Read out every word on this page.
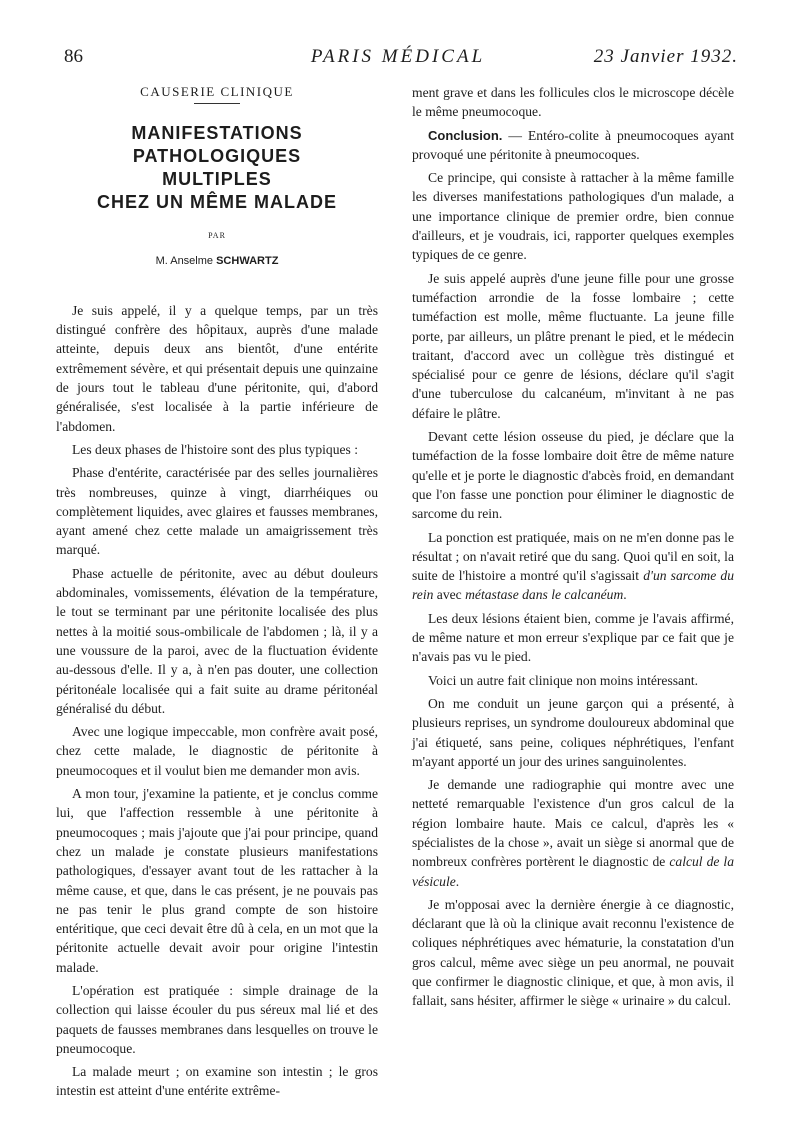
86	PARIS MÉDICAL	23 Janvier 1932.
CAUSERIE CLINIQUE
MANIFESTATIONS
PATHOLOGIQUES
MULTIPLES
CHEZ UN MÊME MALADE
PAR
M. Anselme SCHWARTZ

Je suis appelé, il y a quelque temps, par un très distingué confrère des hôpitaux, auprès d'une malade atteinte, depuis deux ans bientôt, d'une entérite extrêmement sévère, et qui présentait depuis une quinzaine de jours tout le tableau d'une péritonite, qui, d'abord généralisée, s'est localisée à la partie inférieure de l'abdomen.

Les deux phases de l'histoire sont des plus typiques :

Phase d'entérite, caractérisée par des selles journalières très nombreuses, quinze à vingt, diarrhéiques ou complètement liquides, avec glaires et fausses membranes, ayant amené chez cette malade un amaigrissement très marqué.

Phase actuelle de péritonite, avec au début douleurs abdominales, vomissements, élévation de la température, le tout se terminant par une péritonite localisée des plus nettes à la moitié sous-ombilicale de l'abdomen ; là, il y a une voussure de la paroi, avec de la fluctuation évidente au-dessous d'elle. Il y a, à n'en pas douter, une collection péritonéale localisée qui a fait suite au drame péritonéal généralisé du début.

Avec une logique impeccable, mon confrère avait posé, chez cette malade, le diagnostic de péritonite à pneumocoques et il voulut bien me demander mon avis.

A mon tour, j'examine la patiente, et je conclus comme lui, que l'affection ressemble à une péritonite à pneumocoques ; mais j'ajoute que j'ai pour principe, quand chez un malade je constate plusieurs manifestations pathologiques, d'essayer avant tout de les rattacher à la même cause, et que, dans le cas présent, je ne pouvais pas ne pas tenir le plus grand compte de son histoire entéritique, que ceci devait être dû à cela, en un mot que la péritonite actuelle devait avoir pour origine l'intestin malade.

L'opération est pratiquée : simple drainage de la collection qui laisse écouler du pus séreux mal lié et des paquets de fausses membranes dans lesquelles on trouve le pneumocoque.

La malade meurt ; on examine son intestin ; le gros intestin est atteint d'une entérite extrême-

ment grave et dans les follicules clos le microscope décèle le même pneumocoque.

Conclusion. — Entéro-colite à pneumocoques ayant provoqué une péritonite à pneumocoques.

Ce principe, qui consiste à rattacher à la même famille les diverses manifestations pathologiques d'un malade, a une importance clinique de premier ordre, bien connue d'ailleurs, et je voudrais, ici, rapporter quelques exemples typiques de ce genre.

Je suis appelé auprès d'une jeune fille pour une grosse tuméfaction arrondie de la fosse lombaire ; cette tuméfaction est molle, même fluctuante. La jeune fille porte, par ailleurs, un plâtre prenant le pied, et le médecin traitant, d'accord avec un collègue très distingué et spécialisé pour ce genre de lésions, déclare qu'il s'agit d'une tuberculose du calcanéum, m'invitant à ne pas défaire le plâtre.

Devant cette lésion osseuse du pied, je déclare que la tuméfaction de la fosse lombaire doit être de même nature qu'elle et je porte le diagnostic d'abcès froid, en demandant que l'on fasse une ponction pour éliminer le diagnostic de sarcome du rein.

La ponction est pratiquée, mais on ne m'en donne pas le résultat ; on n'avait retiré que du sang. Quoi qu'il en soit, la suite de l'histoire a montré qu'il s'agissait d'un sarcome du rein avec métastase dans le calcanéum.

Les deux lésions étaient bien, comme je l'avais affirmé, de même nature et mon erreur s'explique par ce fait que je n'avais pas vu le pied.

Voici un autre fait clinique non moins intéressant.

On me conduit un jeune garçon qui a présenté, à plusieurs reprises, un syndrome douloureux abdominal que j'ai étiqueté, sans peine, coliques néphrétiques, l'enfant m'ayant apporté un jour des urines sanguinolentes.

Je demande une radiographie qui montre avec une netteté remarquable l'existence d'un gros calcul de la région lombaire haute. Mais ce calcul, d'après les « spécialistes de la chose », avait un siège si anormal que de nombreux confrères portèrent le diagnostic de calcul de la vésicule.

Je m'opposai avec la dernière énergie à ce diagnostic, déclarant que là où la clinique avait reconnu l'existence de coliques néphrétiques avec hématurie, la constatation d'un gros calcul, même avec siège un peu anormal, ne pouvait que confirmer le diagnostic clinique, et que, à mon avis, il fallait, sans hésiter, affirmer le siège « urinaire » du calcul.
